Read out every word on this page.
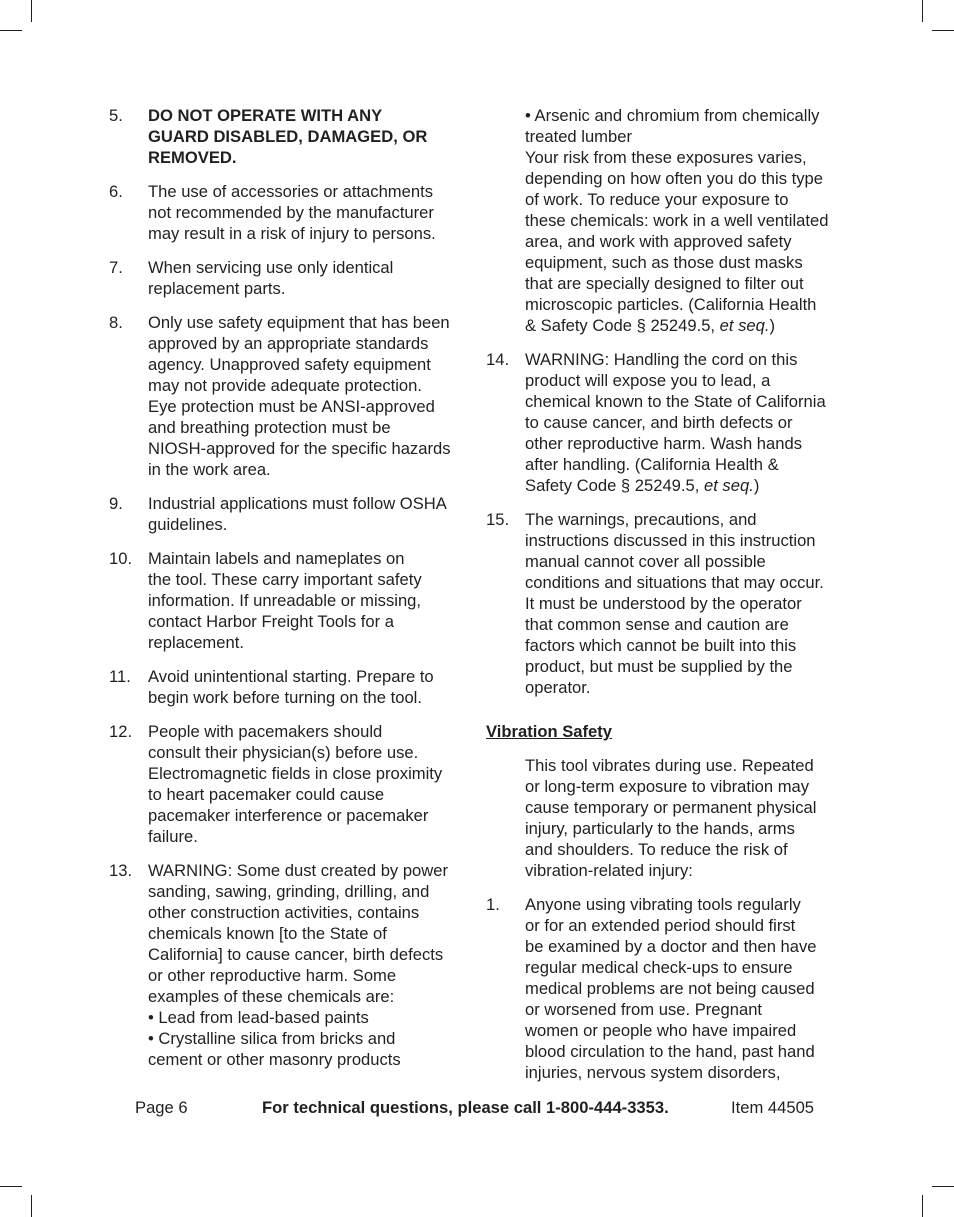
5.	DO NOT OPERATE WITH ANY
GUARD DISABLED, DAMAGED, OR
REMOVED.
6.	The use of accessories or attachments
not recommended by the manufacturer
may result in a risk of injury to persons.
7.	When servicing use only identical
replacement parts.
8.	Only use safety equipment that has been
approved by an appropriate standards
agency. Unapproved safety equipment
may not provide adequate protection.
Eye protection must be ANSI-approved
and breathing protection must be
NIOSH-approved for the specific hazards
in the work area.
9.	Industrial applications must follow OSHA
guidelines.
10. Maintain labels and nameplates on
the tool. These carry important safety
information. If unreadable or missing,
contact Harbor Freight Tools for a
replacement.
11.	Avoid unintentional starting. Prepare to
begin work before turning on the tool.
12. People with pacemakers should
consult their physician(s) before use.
Electromagnetic fields in close proximity
to heart pacemaker could cause
pacemaker interference or pacemaker
failure.
13. WARNING: Some dust created by power
sanding, sawing, grinding, drilling, and
other construction activities, contains
chemicals known [to the State of
California] to cause cancer, birth defects
or other reproductive harm. Some
examples of these chemicals are:
• Lead from lead-based paints
• Crystalline silica from bricks and
cement or other masonry products
• Arsenic and chromium from chemically
treated lumber
Your risk from these exposures varies,
depending on how often you do this type
of work. To reduce your exposure to
these chemicals: work in a well ventilated
area, and work with approved safety
equipment, such as those dust masks
that are specially designed to filter out
microscopic particles. (California Health
& Safety Code § 25249.5, et seq.)
14. WARNING: Handling the cord on this
product will expose you to lead, a
chemical known to the State of California
to cause cancer, and birth defects or
other reproductive harm. Wash hands
after handling. (California Health &
Safety Code § 25249.5, et seq.)
15. The warnings, precautions, and
instructions discussed in this instruction
manual cannot cover all possible
conditions and situations that may occur.
It must be understood by the operator
that common sense and caution are
factors which cannot be built into this
product, but must be supplied by the
operator.
Vibration Safety
This tool vibrates during use. Repeated
or long-term exposure to vibration may
cause temporary or permanent physical
injury, particularly to the hands, arms
and shoulders. To reduce the risk of
vibration-related injury:
1.	Anyone using vibrating tools regularly
or for an extended period should first
be examined by a doctor and then have
regular medical check-ups to ensure
medical problems are not being caused
or worsened from use. Pregnant
women or people who have impaired
blood circulation to the hand, past hand
injuries, nervous system disorders,
Page 6	For technical questions, please call 1-800-444-3353.	Item 44505
